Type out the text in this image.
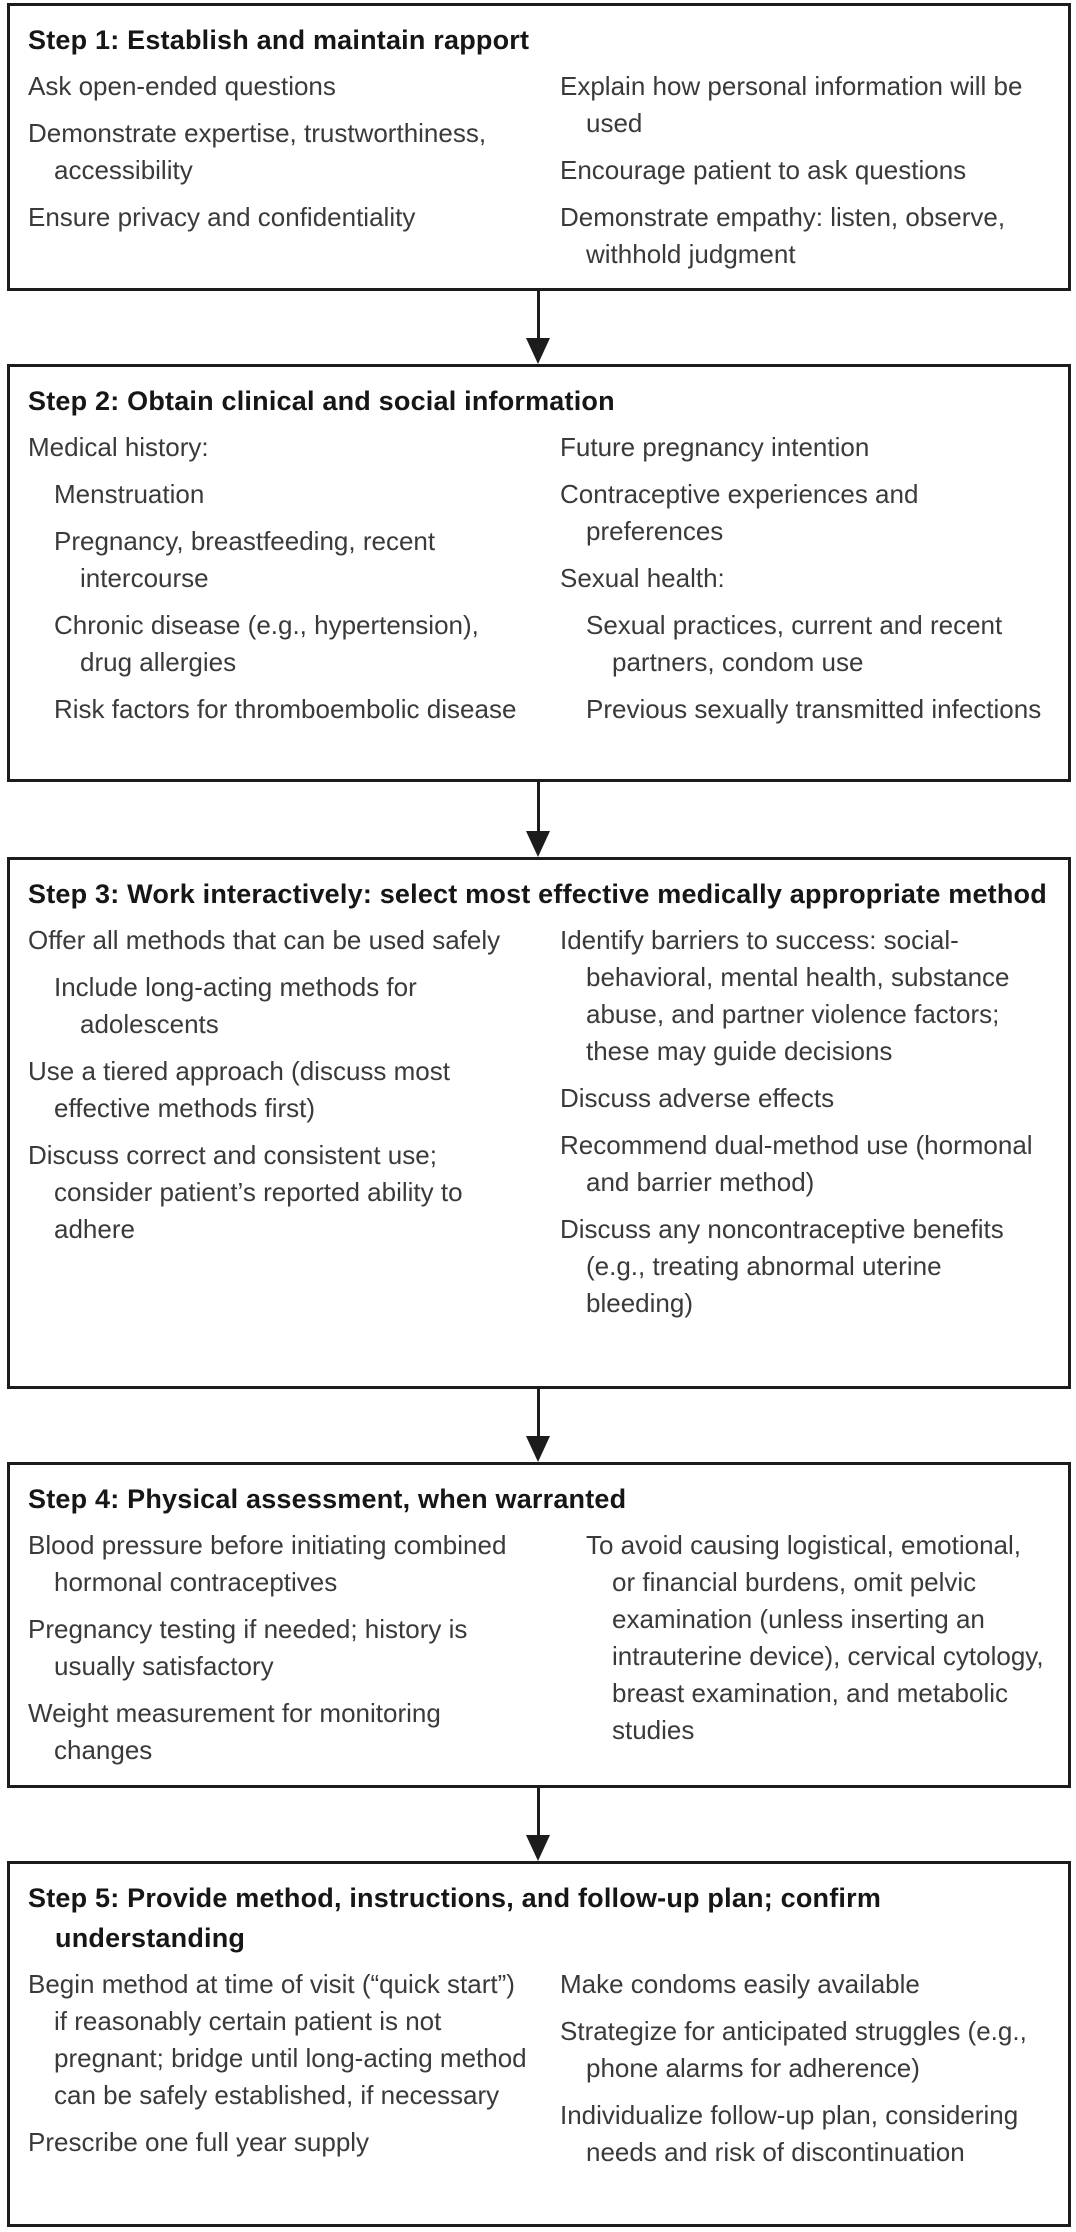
Step 1: Establish and maintain rapport
Ask open-ended questions
Demonstrate expertise, trustworthiness, accessibility
Ensure privacy and confidentiality
Explain how personal information will be used
Encourage patient to ask questions
Demonstrate empathy: listen, observe, withhold judgment
Step 2: Obtain clinical and social information
Medical history:
Menstruation
Pregnancy, breastfeeding, recent intercourse
Chronic disease (e.g., hypertension), drug allergies
Risk factors for thromboembolic disease
Future pregnancy intention
Contraceptive experiences and preferences
Sexual health:
Sexual practices, current and recent partners, condom use
Previous sexually transmitted infections
Step 3: Work interactively: select most effective medically appropriate method
Offer all methods that can be used safely
Include long-acting methods for adolescents
Use a tiered approach (discuss most effective methods first)
Discuss correct and consistent use; consider patient’s reported ability to adhere
Identify barriers to success: social-behavioral, mental health, substance abuse, and partner violence factors; these may guide decisions
Discuss adverse effects
Recommend dual-method use (hormonal and barrier method)
Discuss any noncontraceptive benefits (e.g., treating abnormal uterine bleeding)
Step 4: Physical assessment, when warranted
Blood pressure before initiating combined hormonal contraceptives
Pregnancy testing if needed; history is usually satisfactory
Weight measurement for monitoring changes
To avoid causing logistical, emotional, or financial burdens, omit pelvic examination (unless inserting an intrauterine device), cervical cytology, breast examination, and metabolic studies
Step 5: Provide method, instructions, and follow-up plan; confirm understanding
Begin method at time of visit (“quick start”) if reasonably certain patient is not pregnant; bridge until long-acting method can be safely established, if necessary
Prescribe one full year supply
Make condoms easily available
Strategize for anticipated struggles (e.g., phone alarms for adherence)
Individualize follow-up plan, considering needs and risk of discontinuation
